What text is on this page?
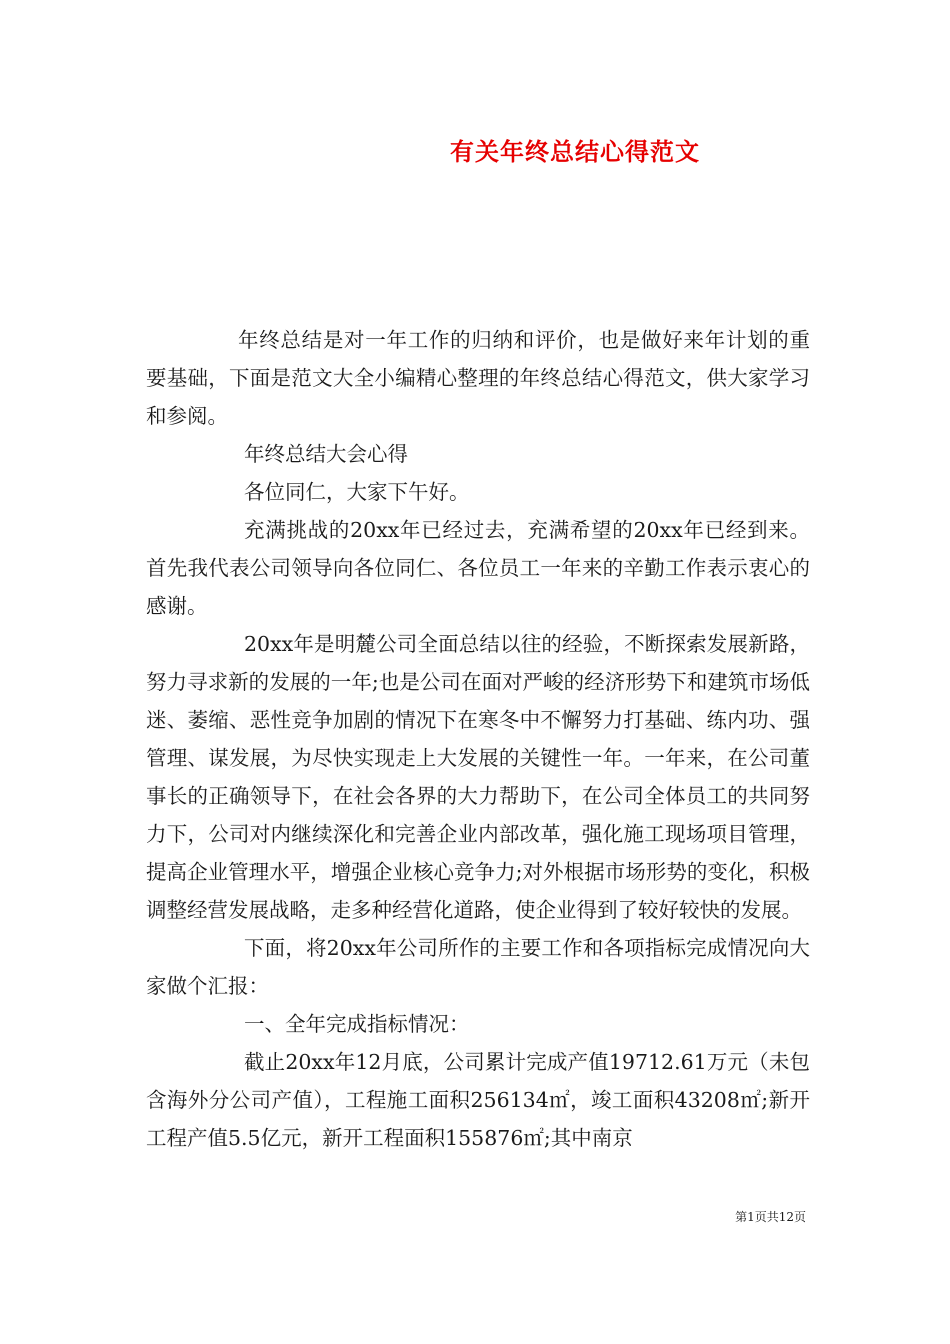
有关年终总结心得范文

年终总结是对一年工作的归纳和评价，也是做好来年计划的重要基础，下面是范文大全小编精心整理的年终总结心得范文，供大家学习和参阅。

年终总结大会心得

各位同仁，大家下午好。

充满挑战的20xx年已经过去，充满希望的20xx年已经到来。首先我代表公司领导向各位同仁、各位员工一年来的辛勤工作表示衷心的感谢。

20xx年是明麓公司全面总结以往的经验，不断探索发展新路，努力寻求新的发展的一年;也是公司在面对严峻的经济形势下和建筑市场低迷、萎缩、恶性竞争加剧的情况下在寒冬中不懈努力打基础、练内功、强管理、谋发展，为尽快实现走上大发展的关键性一年。一年来，在公司董事长的正确领导下，在社会各界的大力帮助下，在公司全体员工的共同努力下，公司对内继续深化和完善企业内部改革，强化施工现场项目管理，提高企业管理水平，增强企业核心竞争力;对外根据市场形势的变化，积极调整经营发展战略，走多种经营化道路，使企业得到了较好较快的发展。

下面，将20xx年公司所作的主要工作和各项指标完成情况向大家做个汇报：

一、全年完成指标情况：

截止20xx年12月底，公司累计完成产值19712.61万元（未包含海外分公司产值），工程施工面积256134㎡，竣工面积43208㎡;新开工程产值5.5亿元，新开工程面积155876㎡;其中南京

第1页共12页
